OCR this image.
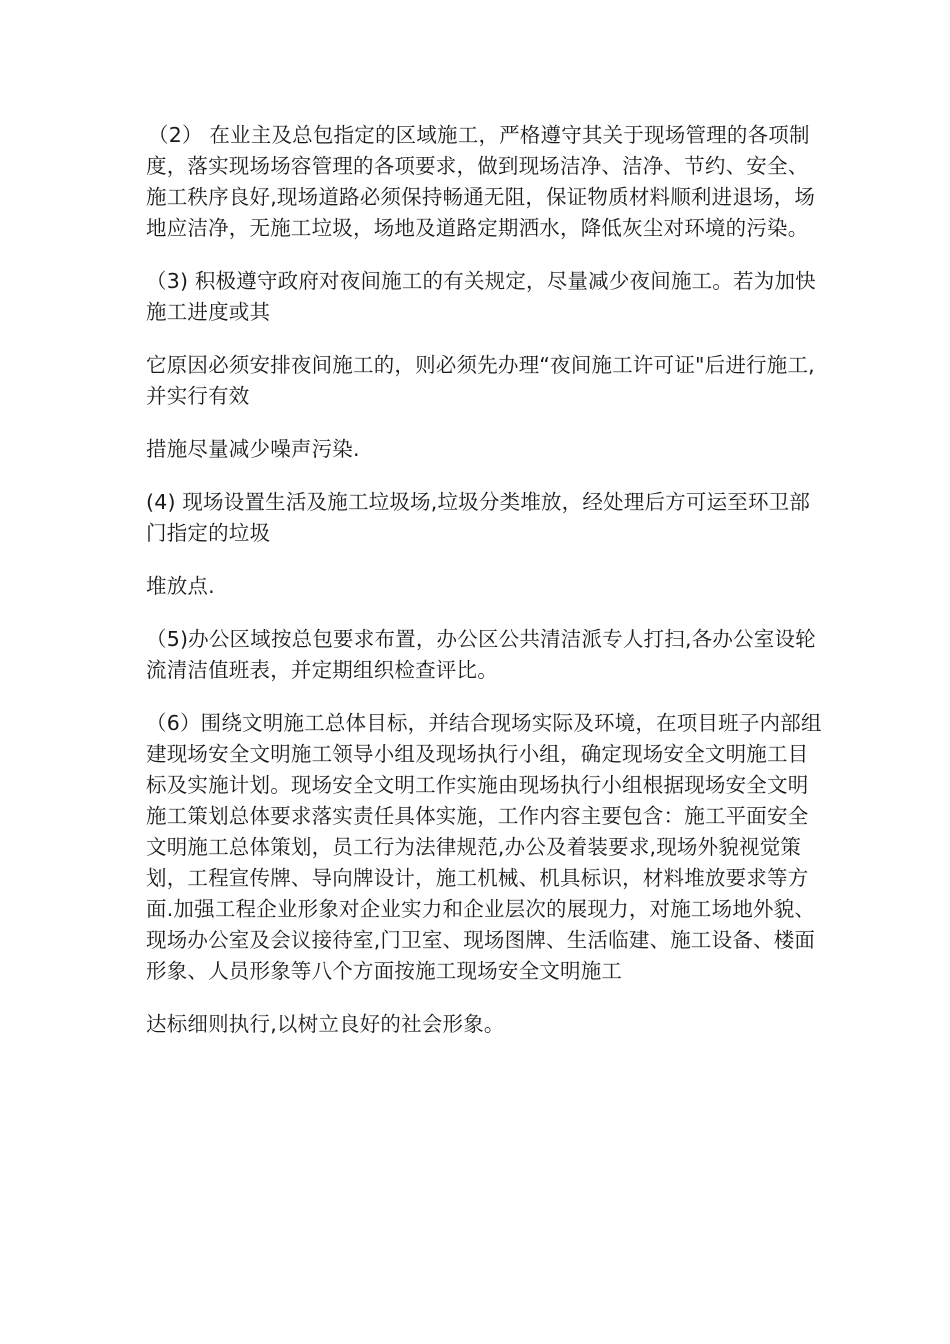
（2） 在业主及总包指定的区域施工，严格遵守其关于现场管理的各项制度，落实现场场容管理的各项要求，做到现场洁净、洁净、节约、安全、施工秩序良好,现场道路必须保持畅通无阻，保证物质材料顺利进退场，场地应洁净，无施工垃圾，场地及道路定期洒水，降低灰尘对环境的污染。

（3) 积极遵守政府对夜间施工的有关规定，尽量减少夜间施工。若为加快施工进度或其

它原因必须安排夜间施工的，则必须先办理“夜间施工许可证"后进行施工,并实行有效

措施尽量减少噪声污染.

(4) 现场设置生活及施工垃圾场,垃圾分类堆放，经处理后方可运至环卫部门指定的垃圾

堆放点.

（5)办公区域按总包要求布置，办公区公共清洁派专人打扫,各办公室设轮流清洁值班表，并定期组织检查评比。

（6）围绕文明施工总体目标，并结合现场实际及环境，在项目班子内部组建现场安全文明施工领导小组及现场执行小组，确定现场安全文明施工目标及实施计划。现场安全文明工作实施由现场执行小组根据现场安全文明施工策划总体要求落实责任具体实施，工作内容主要包含：施工平面安全文明施工总体策划，员工行为法律规范,办公及着装要求,现场外貌视觉策划，工程宣传牌、导向牌设计，施工机械、机具标识，材料堆放要求等方面.加强工程企业形象对企业实力和企业层次的展现力，对施工场地外貌、现场办公室及会议接待室,门卫室、现场图牌、生活临建、施工设备、楼面形象、人员形象等八个方面按施工现场安全文明施工

达标细则执行,以树立良好的社会形象。
